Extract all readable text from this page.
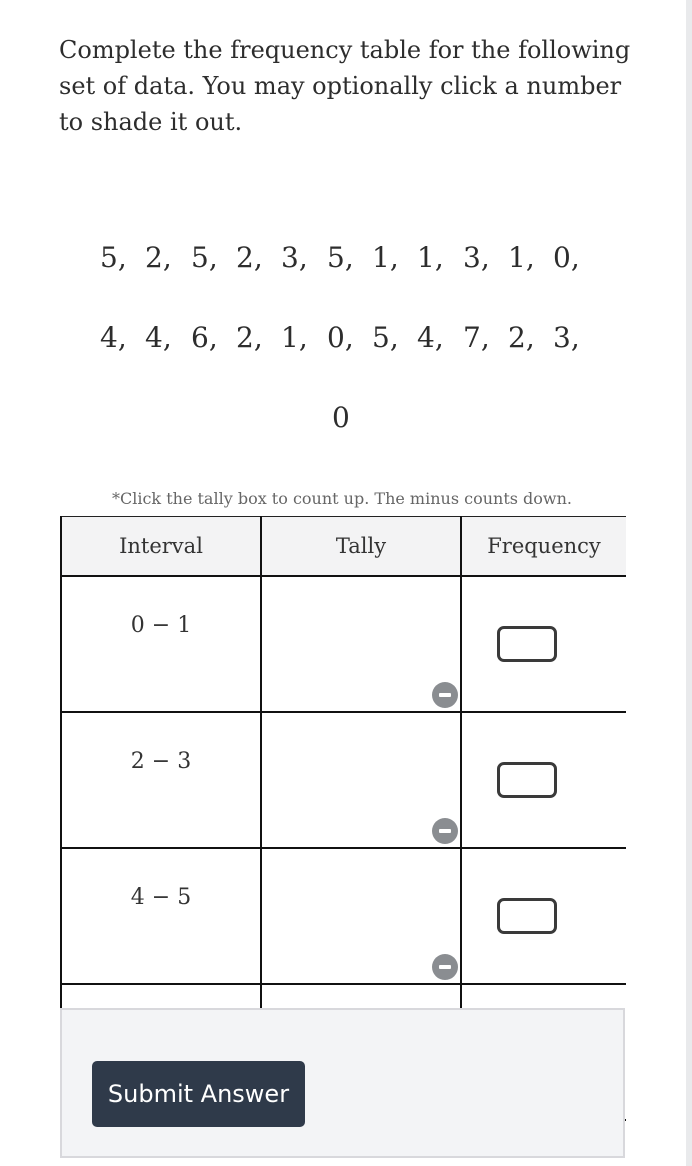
Complete the frequency table for the following set of data. You may optionally click a number to shade it out.
5, 2, 5, 2, 3, 5, 1, 1, 3, 1, 0,
4, 4, 6, 2, 1, 0, 5, 4, 7, 2, 3,
0
*Click the tally box to count up. The minus counts down.
Interval	Tally	Frequency
0 − 1	

2 − 3	

4 − 5	

Submit Answer
